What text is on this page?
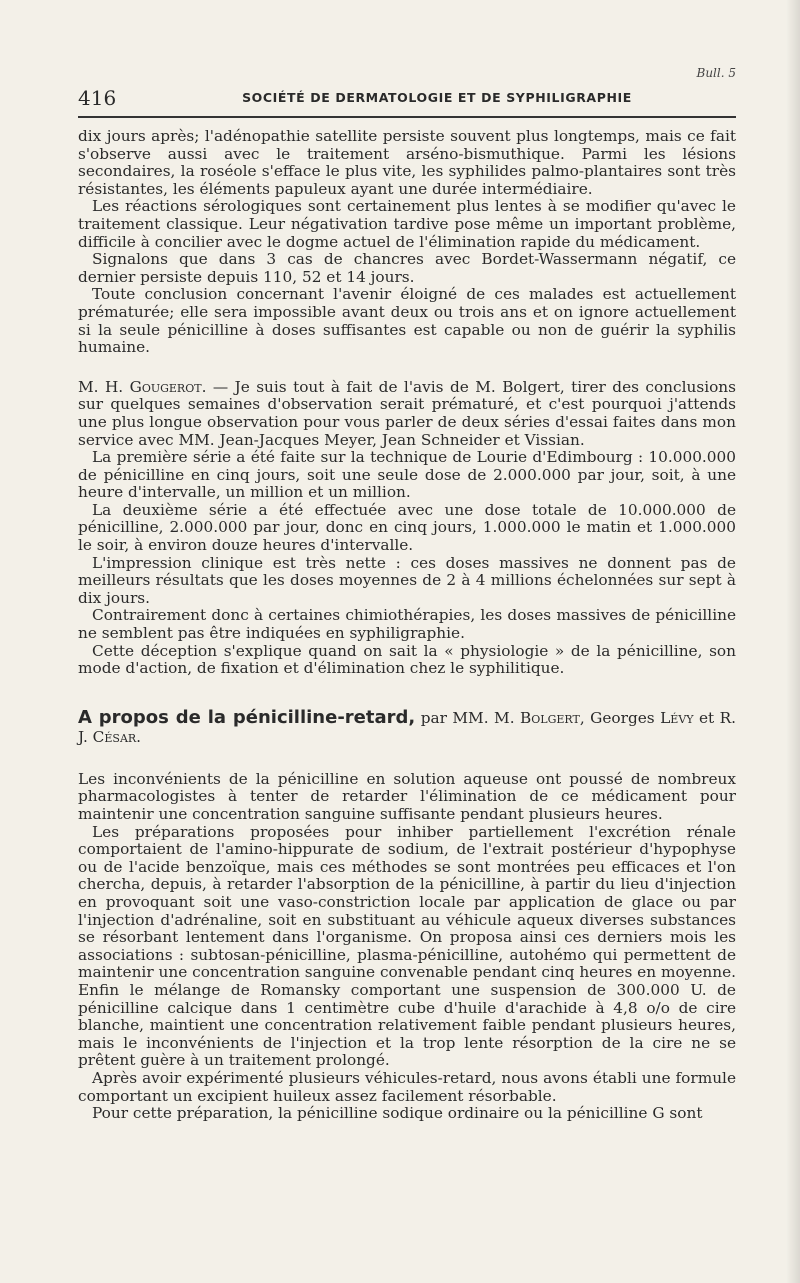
Bull. 5
416	SOCIÉTÉ DE DERMATOLOGIE ET DE SYPHILIGRAPHIE

dix jours après; l'adénopathie satellite persiste souvent plus longtemps, mais ce fait s'observe aussi avec le traitement arséno-bismuthique. Parmi les lésions secondaires, la roséole s'efface le plus vite, les syphilides palmo-plantaires sont très résistantes, les éléments papuleux ayant une durée intermédiaire.

Les réactions sérologiques sont certainement plus lentes à se modifier qu'avec le traitement classique. Leur négativation tardive pose même un important problème, difficile à concilier avec le dogme actuel de l'élimination rapide du médicament.

Signalons que dans 3 cas de chancres avec Bordet-Wassermann négatif, ce dernier persiste depuis 110, 52 et 14 jours.

Toute conclusion concernant l'avenir éloigné de ces malades est actuellement prématurée; elle sera impossible avant deux ou trois ans et on ignore actuellement si la seule pénicilline à doses suffisantes est capable ou non de guérir la syphilis humaine.

M. H. Gougerot. — Je suis tout à fait de l'avis de M. Bolgert, tirer des conclusions sur quelques semaines d'observation serait prématuré, et c'est pourquoi j'attends une plus longue observation pour vous parler de deux séries d'essai faites dans mon service avec MM. Jean-Jacques Meyer, Jean Schneider et Vissian.

La première série a été faite sur la technique de Lourie d'Edimbourg : 10.000.000 de pénicilline en cinq jours, soit une seule dose de 2.000.000 par jour, soit, à une heure d'intervalle, un million et un million.

La deuxième série a été effectuée avec une dose totale de 10.000.000 de pénicilline, 2.000.000 par jour, donc en cinq jours, 1.000.000 le matin et 1.000.000 le soir, à environ douze heures d'intervalle.

L'impression clinique est très nette : ces doses massives ne donnent pas de meilleurs résultats que les doses moyennes de 2 à 4 millions échelonnées sur sept à dix jours.

Contrairement donc à certaines chimiothérapies, les doses massives de pénicilline ne semblent pas être indiquées en syphiligraphie.

Cette déception s'explique quand on sait la « physiologie » de la pénicilline, son mode d'action, de fixation et d'élimination chez le syphilitique.

A propos de la pénicilline-retard, par MM. M. Bolgert, Georges Lévy et R. J. César.

Les inconvénients de la pénicilline en solution aqueuse ont poussé de nombreux pharmacologistes à tenter de retarder l'élimination de ce médicament pour maintenir une concentration sanguine suffisante pendant plusieurs heures.

Les préparations proposées pour inhiber partiellement l'excrétion rénale comportaient de l'amino-hippurate de sodium, de l'extrait postérieur d'hypophyse ou de l'acide benzoïque, mais ces méthodes se sont montrées peu efficaces et l'on chercha, depuis, à retarder l'absorption de la pénicilline, à partir du lieu d'injection en provoquant soit une vaso-constriction locale par application de glace ou par l'injection d'adrénaline, soit en substituant au véhicule aqueux diverses substances se résorbant lentement dans l'organisme. On proposa ainsi ces derniers mois les associations : subtosan-pénicilline, plasma-pénicilline, autohémo qui permettent de maintenir une concentration sanguine convenable pendant cinq heures en moyenne. Enfin le mélange de Romansky comportant une suspension de 300.000 U. de pénicilline calcique dans 1 centimètre cube d'huile d'arachide à 4,8 o/o de cire blanche, maintient une concentration relativement faible pendant plusieurs heures, mais le inconvénients de l'injection et la trop lente résorption de la cire ne se prêtent guère à un traitement prolongé.

Après avoir expérimenté plusieurs véhicules-retard, nous avons établi une formule comportant un excipient huileux assez facilement résorbable.

Pour cette préparation, la pénicilline sodique ordinaire ou la pénicilline G sont
